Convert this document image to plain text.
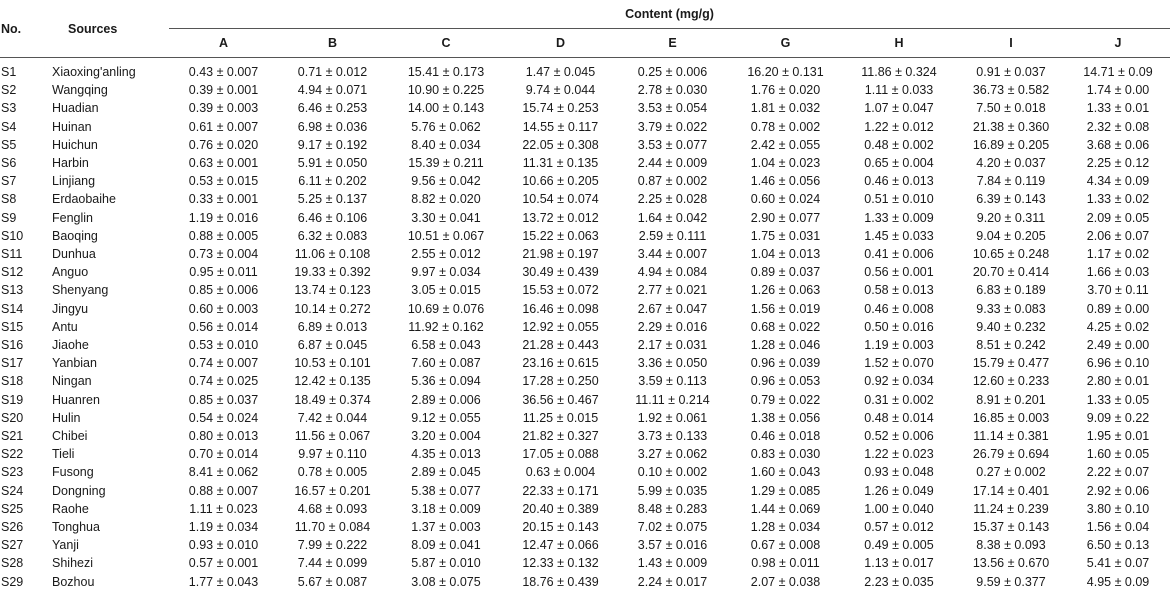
No.	Sources		Content (mg/g)								
			A	B	C	D	E	G	H	I	J

S1	Xiaoxing'anling		0.43 ± 0.007	0.71 ± 0.012	15.41 ± 0.173	1.47 ± 0.045	0.25 ± 0.006	16.20 ± 0.131	11.86 ± 0.324	0.91 ± 0.037	14.71 ± 0.09
S2	Wangqing		0.39 ± 0.001	4.94 ± 0.071	10.90 ± 0.225	9.74 ± 0.044	2.78 ± 0.030	1.76 ± 0.020	1.11 ± 0.033	36.73 ± 0.582	1.74 ± 0.00
S3	Huadian		0.39 ± 0.003	6.46 ± 0.253	14.00 ± 0.143	15.74 ± 0.253	3.53 ± 0.054	1.81 ± 0.032	1.07 ± 0.047	7.50 ± 0.018	1.33 ± 0.01
S4	Huinan		0.61 ± 0.007	6.98 ± 0.036	5.76 ± 0.062	14.55 ± 0.117	3.79 ± 0.022	0.78 ± 0.002	1.22 ± 0.012	21.38 ± 0.360	2.32 ± 0.08
S5	Huichun		0.76 ± 0.020	9.17 ± 0.192	8.40 ± 0.034	22.05 ± 0.308	3.53 ± 0.077	2.42 ± 0.055	0.48 ± 0.002	16.89 ± 0.205	3.68 ± 0.06
S6	Harbin		0.63 ± 0.001	5.91 ± 0.050	15.39 ± 0.211	11.31 ± 0.135	2.44 ± 0.009	1.04 ± 0.023	0.65 ± 0.004	4.20 ± 0.037	2.25 ± 0.12
S7	Linjiang		0.53 ± 0.015	6.11 ± 0.202	9.56 ± 0.042	10.66 ± 0.205	0.87 ± 0.002	1.46 ± 0.056	0.46 ± 0.013	7.84 ± 0.119	4.34 ± 0.09
S8	Erdaobaihe		0.33 ± 0.001	5.25 ± 0.137	8.82 ± 0.020	10.54 ± 0.074	2.25 ± 0.028	0.60 ± 0.024	0.51 ± 0.010	6.39 ± 0.143	1.33 ± 0.02
S9	Fenglin		1.19 ± 0.016	6.46 ± 0.106	3.30 ± 0.041	13.72 ± 0.012	1.64 ± 0.042	2.90 ± 0.077	1.33 ± 0.009	9.20 ± 0.311	2.09 ± 0.05
S10	Baoqing		0.88 ± 0.005	6.32 ± 0.083	10.51 ± 0.067	15.22 ± 0.063	2.59 ± 0.111	1.75 ± 0.031	1.45 ± 0.033	9.04 ± 0.205	2.06 ± 0.07
S11	Dunhua		0.73 ± 0.004	11.06 ± 0.108	2.55 ± 0.012	21.98 ± 0.197	3.44 ± 0.007	1.04 ± 0.013	0.41 ± 0.006	10.65 ± 0.248	1.17 ± 0.02
S12	Anguo		0.95 ± 0.011	19.33 ± 0.392	9.97 ± 0.034	30.49 ± 0.439	4.94 ± 0.084	0.89 ± 0.037	0.56 ± 0.001	20.70 ± 0.414	1.66 ± 0.03
S13	Shenyang		0.85 ± 0.006	13.74 ± 0.123	3.05 ± 0.015	15.53 ± 0.072	2.77 ± 0.021	1.26 ± 0.063	0.58 ± 0.013	6.83 ± 0.189	3.70 ± 0.11
S14	Jingyu		0.60 ± 0.003	10.14 ± 0.272	10.69 ± 0.076	16.46 ± 0.098	2.67 ± 0.047	1.56 ± 0.019	0.46 ± 0.008	9.33 ± 0.083	0.89 ± 0.00
S15	Antu		0.56 ± 0.014	6.89 ± 0.013	11.92 ± 0.162	12.92 ± 0.055	2.29 ± 0.016	0.68 ± 0.022	0.50 ± 0.016	9.40 ± 0.232	4.25 ± 0.02
S16	Jiaohe		0.53 ± 0.010	6.87 ± 0.045	6.58 ± 0.043	21.28 ± 0.443	2.17 ± 0.031	1.28 ± 0.046	1.19 ± 0.003	8.51 ± 0.242	2.49 ± 0.00
S17	Yanbian		0.74 ± 0.007	10.53 ± 0.101	7.60 ± 0.087	23.16 ± 0.615	3.36 ± 0.050	0.96 ± 0.039	1.52 ± 0.070	15.79 ± 0.477	6.96 ± 0.10
S18	Ningan		0.74 ± 0.025	12.42 ± 0.135	5.36 ± 0.094	17.28 ± 0.250	3.59 ± 0.113	0.96 ± 0.053	0.92 ± 0.034	12.60 ± 0.233	2.80 ± 0.01
S19	Huanren		0.85 ± 0.037	18.49 ± 0.374	2.89 ± 0.006	36.56 ± 0.467	11.11 ± 0.214	0.79 ± 0.022	0.31 ± 0.002	8.91 ± 0.201	1.33 ± 0.05
S20	Hulin		0.54 ± 0.024	7.42 ± 0.044	9.12 ± 0.055	11.25 ± 0.015	1.92 ± 0.061	1.38 ± 0.056	0.48 ± 0.014	16.85 ± 0.003	9.09 ± 0.22
S21	Chibei		0.80 ± 0.013	11.56 ± 0.067	3.20 ± 0.004	21.82 ± 0.327	3.73 ± 0.133	0.46 ± 0.018	0.52 ± 0.006	11.14 ± 0.381	1.95 ± 0.01
S22	Tieli		0.70 ± 0.014	9.97 ± 0.110	4.35 ± 0.013	17.05 ± 0.088	3.27 ± 0.062	0.83 ± 0.030	1.22 ± 0.023	26.79 ± 0.694	1.60 ± 0.05
S23	Fusong		8.41 ± 0.062	0.78 ± 0.005	2.89 ± 0.045	0.63 ± 0.004	0.10 ± 0.002	1.60 ± 0.043	0.93 ± 0.048	0.27 ± 0.002	2.22 ± 0.07
S24	Dongning		0.88 ± 0.007	16.57 ± 0.201	5.38 ± 0.077	22.33 ± 0.171	5.99 ± 0.035	1.29 ± 0.085	1.26 ± 0.049	17.14 ± 0.401	2.92 ± 0.06
S25	Raohe		1.11 ± 0.023	4.68 ± 0.093	3.18 ± 0.009	20.40 ± 0.389	8.48 ± 0.283	1.44 ± 0.069	1.00 ± 0.040	11.24 ± 0.239	3.80 ± 0.10
S26	Tonghua		1.19 ± 0.034	11.70 ± 0.084	1.37 ± 0.003	20.15 ± 0.143	7.02 ± 0.075	1.28 ± 0.034	0.57 ± 0.012	15.37 ± 0.143	1.56 ± 0.04
S27	Yanji		0.93 ± 0.010	7.99 ± 0.222	8.09 ± 0.041	12.47 ± 0.066	3.57 ± 0.016	0.67 ± 0.008	0.49 ± 0.005	8.38 ± 0.093	6.50 ± 0.13
S28	Shihezi		0.57 ± 0.001	7.44 ± 0.099	5.87 ± 0.010	12.33 ± 0.132	1.43 ± 0.009	0.98 ± 0.011	1.13 ± 0.017	13.56 ± 0.670	5.41 ± 0.07
S29	Bozhou		1.77 ± 0.043	5.67 ± 0.087	3.08 ± 0.075	18.76 ± 0.439	2.24 ± 0.017	2.07 ± 0.038	2.23 ± 0.035	9.59 ± 0.377	4.95 ± 0.09
